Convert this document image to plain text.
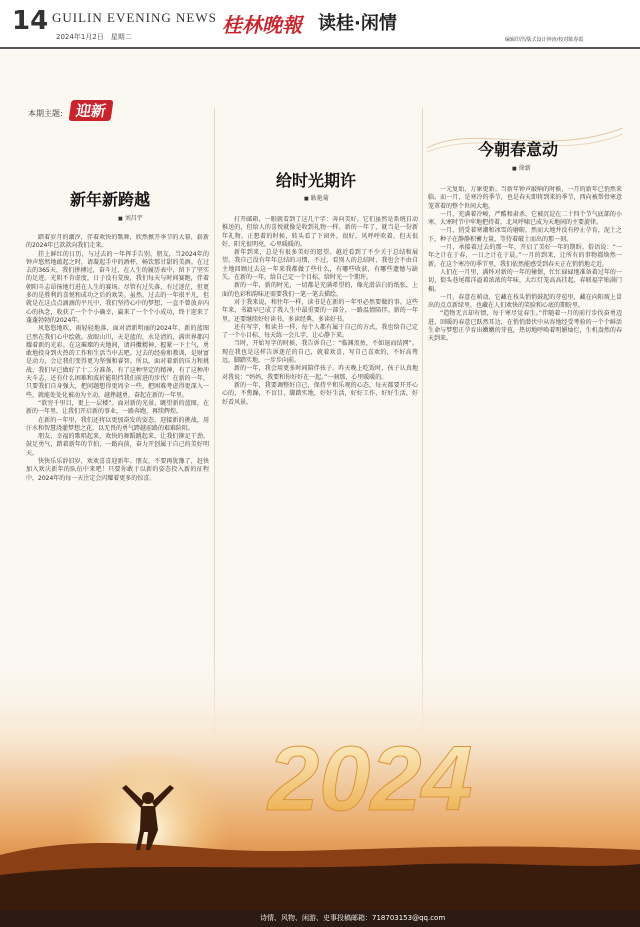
14 GUILIN EVENING NEWS 桂林晚報 读桂·闲情
2024年1月2日　星期二	编辑印浩/版式设计钟涛/校对陈春霞
本期主题: 迎新
新年新跨越
■ 刘昌宇

踏着岁月的潮汐，伴着欢快的歌舞，欣然掀开季节的大幕，崭新的2024年已款款向我们走来。

挂上鲜红的日历，与过去的一年挥手告别。朋友，当2024年的钟声悠然地敲起之时，请凝起手中的酒杯，畅饮那甘甜的美酒。在过去的365天，我们拼搏过，奋斗过，在人生的履历表中，留下了坚实的足迹。光阴不肯虚度，日子没有荒废，我们每天与时间赛跑，伴着朝阳斗志昂扬地行进在人生的赛场。尽管有过失落，有过迷茫，但更多的是胜利的喜悦和成功之后的欢笑。虽然，过去的一年很平凡，但就是在这点点滴滴的平凡中，我们坚持心中的梦想，一直不曾放弃内心的执念，收获了一个个小确幸，赢来了一个个小成功，终于迎来了蓬蓬勃勃的2024年。

风悠悠地吹，雨轻轻地落，面对清新明丽的2024年，新的蓝图已然在我们心中绘就。放眼山川，天是蓝的，水是清的，满世界都闪耀着新的光彩。在这璀璨的天地间，请抖擞精神，握紧一下土气，勇敢地投身到火热的工作和生活当中去吧。过去的经验和教训，是财富是动力，会让我们变得更为坚强和睿智。所以，面对着新的压力和挑战，我们早已做好了十二分准备，有了这种坚定的精神，有了这种冲天斗志，还有什么困难和波折能阻挡我们前进的步伐！在新的一年，只要我们自身强大，把问题想得更周全一些，把困难考虑得更深入一些，就能处处化被动为主动，越挫越勇，奋起在新的一年里。

“欲穷千里目，更上一层楼”。面对新的光景，眺望新的蓝图，在新的一年里，让我们开启新的事业，一路奔跑，再续辉煌。

在新的一年里，我们还将以更加奋发的姿态，迎接新的挑战，用汗水和智慧浇灌梦想之花，以无畏的勇气跨越前路的艰难险阻。

朋友，幸福的歌唱起来，欢快的舞蹈跳起来，让我们铆足干劲，鼓足勇气，踏着新年的节拍，一路向前，奋力开创属于自己的美好明天。

快快乐乐辞旧岁，欢欢喜喜迎新年。朋友，不要再犹豫了，赶快加入欢庆新年的队伍中来吧！只要你敢于以新的姿态投入新的征程中，2024年的每一天注定会闪耀着更多的惊喜。

给时光期许
■ 耿艳菊

打开邮箱，一眼就看到了这几个字：奔向美好。它们虽然是系统自动推送的，但给人的喜悦就像是收到礼物一样。新的一年了，就当是一份新年礼物。正想着的时候，转头看了下窗外，很好，风呼呼吹着，但天很好，阳光很明亮，心里暖暖的。

新年到来，总是有很多美好的愿望。越近看到了不少关于总结和展望。我自己没有年年总结的习惯，不过，看别人的总结时，我也会不由自主地回顾过去这一年来我都做了些什么，有哪些收获，有哪些遗憾与缺失。在新的一年，给自己定一个目标，给时光一个期许。

新的一年，新的时光，一切都是充满希望的，像光滑洁白的纸张，上面的色彩和韵味还需要我们一笔一笔去描绘。

对于我来说，和往年一样，读书是在新的一年里必然要做的事。这些年来，书籍早已成了我人生中最重要的一部分，一路温情陪伴。新的一年里，还要继续好好读书，多读经典，多读好书。

还有写字，和读书一样，每个人都有属于自己的方式，我也给自己定了一个小目标，每天练一会儿字，让心静下来。

当时，开始写字的时候，我告诉自己：“临渊羡鱼，不如退而结网”。现在我也是这样告诉迷茫的自己，就着欢喜，写自己喜欢的，不好高骛远，脚踏实地，一步步向前。

新的一年，我会用更多时间陪伴孩子。昨天晚上吃饭时，孩子认真地对我说：“妈妈，我要和你好好在一起。”一刹那，心里暖暖的。

新的一年，我要调整好自己，保持平和乐观的心态，每天都要开开心心的，不焦躁，不盲目，脚踏实地，好好生活，好好工作，好好生活，好好看风景。

今朝春意动
■ 徐新

一元复始，万象更新。当新年钟声敲响的时候，一月的新年已悄然来临。而一月，是寒冷的季节，也是春天即将到来的季节，西向被帮骨寒意笼罩着的整个世间大地。

一月，充满着冷峻，严酷和肃杀，它被沉淀在二十四个节气底部的小寒、大寒时节中牢地把持着，北风呼啸已成为天地间的主要旋律。

一月，悄受着寒潮和冰雪的磨砺，然而大地并没有停止孕育，泥土之下，种子在静静积蓄力量，等待着破土而出的那一刻。

一月，承接着过去的那一年，开启了美好一年的期盼。俗语说：“一年之计在于春，一日之计在于晨。”一月的到来，让所有的事物都焕然一新。在这个寒冷的季节里，我们依然能感受到春天正在悄悄地走近。

人们在一月里，满怀对新的一年的憧憬，忙忙碌碌地准备着过年的一切，街头巷尾都洋溢着浓浓的年味，大红灯笼高高挂起，春联福字贴满门楣。

一月，春意在萌动，它藏在枝头悄悄鼓起的芽苞里，藏在向阳坡上冒出的点点新绿里，也藏在人们欢快的笑脸和心底的期盼里。

“造物无言却有情，每于寒尽觉春生。”伴随着一月的前行步伐奋勇迈进，回暖的春意已跃然耳边，在悄悄潜伏中从容地经受考验的一个个鲜活生命与梦想正孕育出嫩嫩的芽苞，热切地呼唤着明媚灿烂，生机盎然的春天到来。

2024
诗情、风物、闲游、史事投稿邮箱：718703153@qq.com
